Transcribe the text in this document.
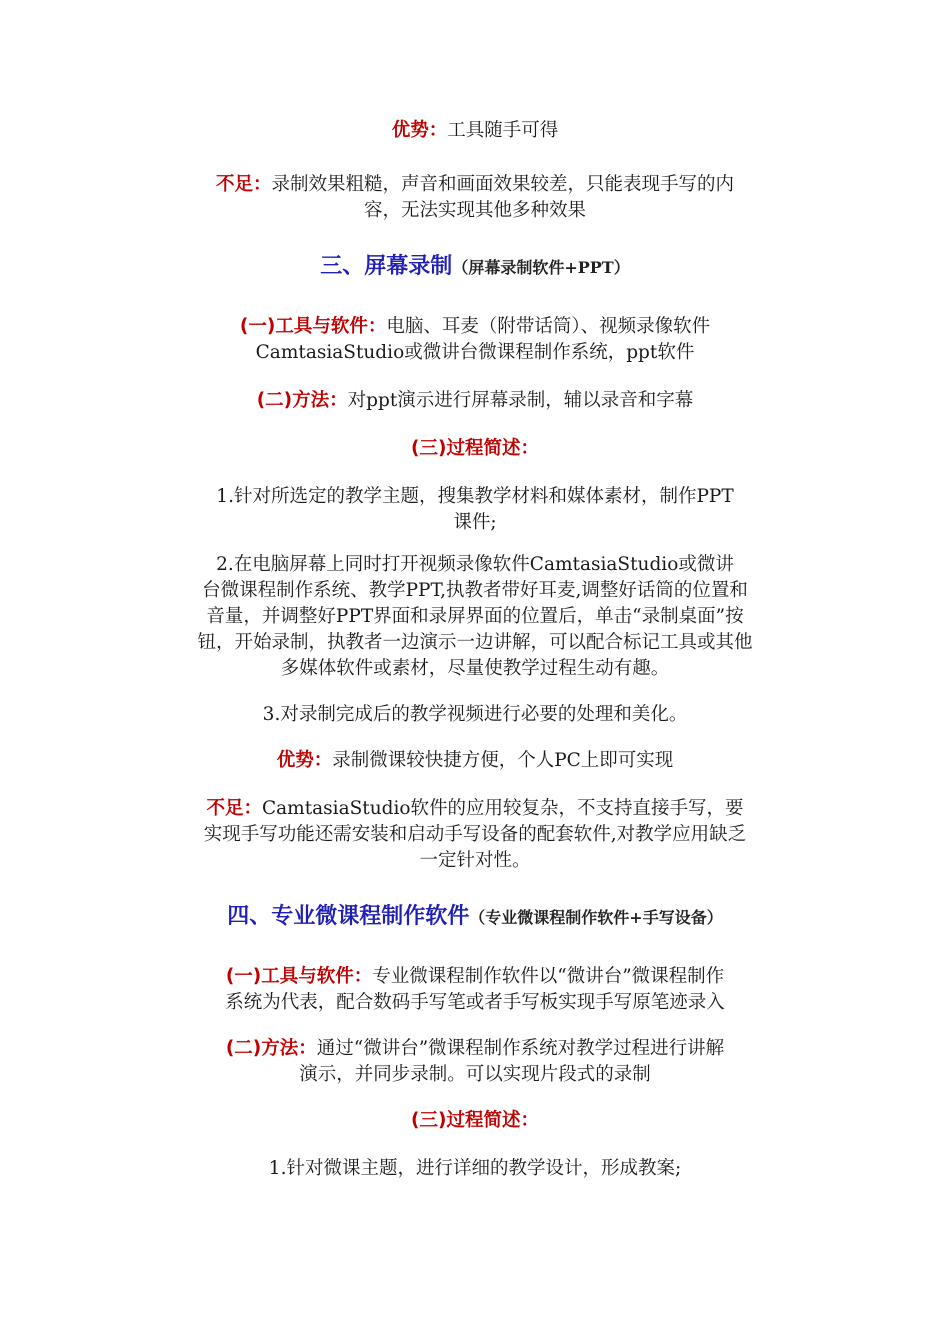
优势：工具随手可得

不足：录制效果粗糙，声音和画面效果较差，只能表现手写的内
容，无法实现其他多种效果

三、屏幕录制（屏幕录制软件+PPT）

(一)工具与软件：电脑、耳麦（附带话筒）、视频录像软件
CamtasiaStudio或微讲台微课程制作系统，ppt软件

(二)方法：对ppt演示进行屏幕录制，辅以录音和字幕

(三)过程简述：

1.针对所选定的教学主题，搜集教学材料和媒体素材，制作PPT
课件;

2.在电脑屏幕上同时打开视频录像软件CamtasiaStudio或微讲
台微课程制作系统、教学PPT,执教者带好耳麦,调整好话筒的位置和
音量，并调整好PPT界面和录屏界面的位置后，单击“录制桌面”按
钮，开始录制，执教者一边演示一边讲解，可以配合标记工具或其他
多媒体软件或素材，尽量使教学过程生动有趣。

3.对录制完成后的教学视频进行必要的处理和美化。

优势：录制微课较快捷方便，个人PC上即可实现

不足：CamtasiaStudio软件的应用较复杂，不支持直接手写，要
实现手写功能还需安装和启动手写设备的配套软件,对教学应用缺乏
一定针对性。

四、专业微课程制作软件（专业微课程制作软件+手写设备）

(一)工具与软件：专业微课程制作软件以“微讲台”微课程制作
系统为代表，配合数码手写笔或者手写板实现手写原笔迹录入

(二)方法：通过“微讲台”微课程制作系统对教学过程进行讲解
演示，并同步录制。可以实现片段式的录制

(三)过程简述：

1.针对微课主题，进行详细的教学设计，形成教案;
